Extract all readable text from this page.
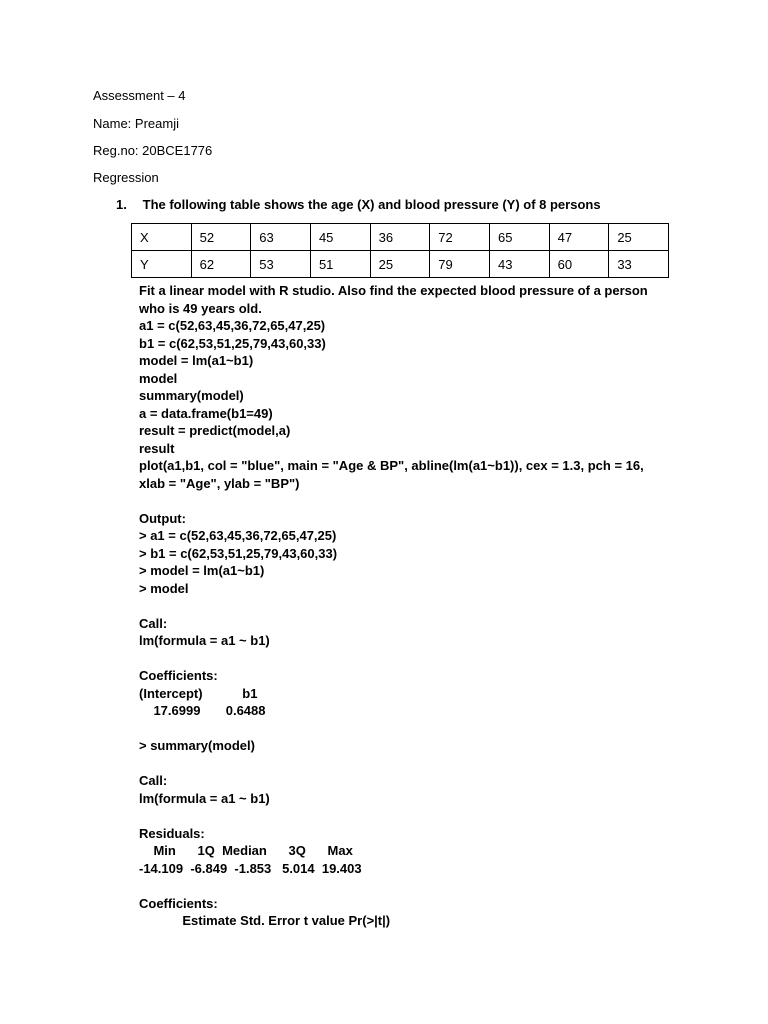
Assessment – 4

Name: Preamji

Reg.no: 20BCE1776

Regression

1. The following table shows the age (X) and blood pressure (Y) of 8 persons
X	52	63	45	36	72	65	47	25
Y	62	53	51	25	79	43	60	33

Fit a linear model with R studio. Also find the expected blood pressure of a person who is 49 years old.

a1 = c(52,63,45,36,72,65,47,25)

b1 = c(62,53,51,25,79,43,60,33)

model = lm(a1~b1)

model

summary(model)

a = data.frame(b1=49)

result = predict(model,a)

result

plot(a1,b1, col = "blue", main = "Age & BP", abline(lm(a1~b1)), cex = 1.3, pch = 16, xlab = "Age", ylab = "BP")

Output:

> a1 = c(52,63,45,36,72,65,47,25)

> b1 = c(62,53,51,25,79,43,60,33)

> model = lm(a1~b1)

> model

Call:

lm(formula = a1 ~ b1)

Coefficients:

(Intercept)           b1

17.6999       0.6488

> summary(model)

Call:

lm(formula = a1 ~ b1)

Residuals:

Min      1Q  Median      3Q      Max

-14.109  -6.849  -1.853   5.014  19.403

Coefficients:

Estimate Std. Error t value Pr(>|t|)
